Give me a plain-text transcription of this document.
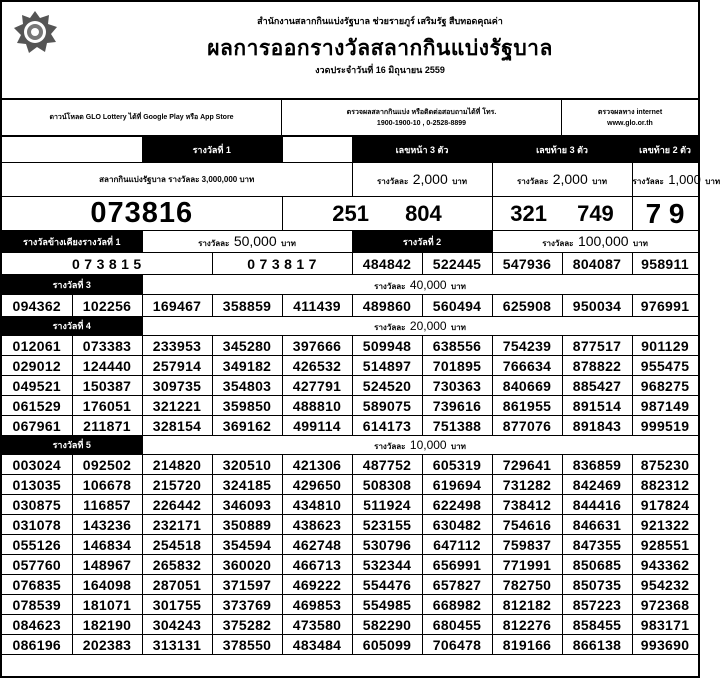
สำนักงานสลากกินแบ่งรัฐบาล ช่วยรายภูร์ เสริมรัฐ สืบทอดคุณค่า
ผลการออกรางวัลสลากกินแบ่งรัฐบาล
งวดประจำวันที่ 16 มิถุนายน 2559
ดาวน์โหลด GLO Lottery ได้ที่ Google Play หรือ App Store
ตรวจผลสลากกินแบ่ง หรือติดต่อสอบถามได้ที่ โทร.
1900-1900-10 , 0-2528-8899
ตรวจผลทาง internet
www.glo.or.th
		รางวัลที่ 1			เลขหน้า 3 ตัว		เลขท้าย 3 ตัว		เลขท้าย 2 ตัว
สลากกินแบ่งรัฐบาล รางวัลละ 3,000,000 บาท					รางวัลละ 2,000 บาท		รางวัลละ 2,000 บาท		รางวัลละ 1,000 บาท
073816				251 804			321 749		7 9
รางวัลข้างเคียงรางวัลที่ 1		รางวัลละ 50,000 บาท			รางวัลที่ 2		รางวัลละ 100,000 บาท		
0 7 3 8 1 5			0 7 3 8 1 7		484842	522445	547936	804087	958911
รางวัลที่ 3		รางวัลละ 40,000 บาท							
094362	102256	169467	358859	411439	489860	560494	625908	950034	976991
รางวัลที่ 4		รางวัลละ 20,000 บาท							
012061	073383	233953	345280	397666	509948	638556	754239	877517	901129
029012	124440	257914	349182	426532	514897	701895	766634	878822	955475
049521	150387	309735	354803	427791	524520	730363	840669	885427	968275
061529	176051	321221	359850	488810	589075	739616	861955	891514	987149
067961	211871	328154	369162	499114	614173	751388	877076	891843	999519
รางวัลที่ 5		รางวัลละ 10,000 บาท							
003024	092502	214820	320510	421306	487752	605319	729641	836859	875230
013035	106678	215720	324185	429650	508308	619694	731282	842469	882312
030875	116857	226442	346093	434810	511924	622498	738412	844416	917824
031078	143236	232171	350889	438623	523155	630482	754616	846631	921322
055126	146834	254518	354594	462748	530796	647112	759837	847355	928551
057760	148967	265832	360020	466713	532344	656991	771991	850685	943362
076835	164098	287051	371597	469222	554476	657827	782750	850735	954232
078539	181071	301755	373769	469853	554985	668982	812182	857223	972368
084623	182190	304243	375282	473580	582290	680455	812276	858455	983171
086196	202383	313131	378550	483484	605099	706478	819166	866138	993690
